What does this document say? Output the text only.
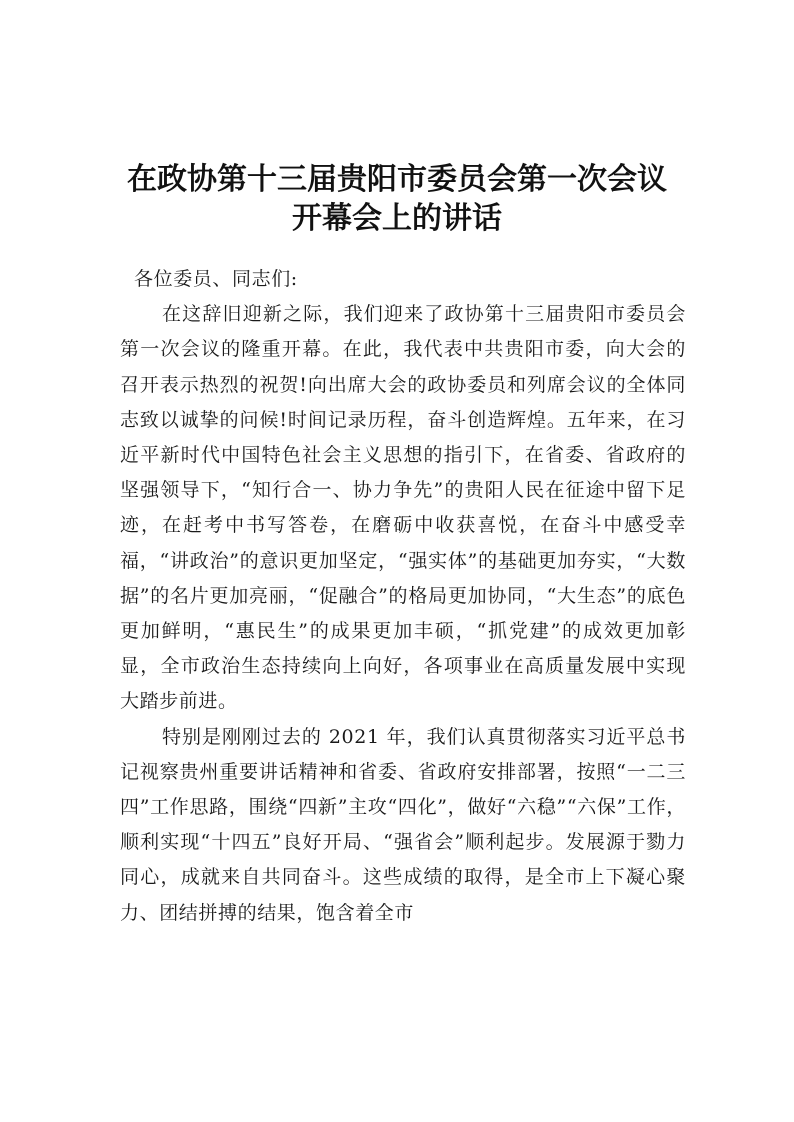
在政协第十三届贵阳市委员会第一次会议
开幕会上的讲话

各位委员、同志们:

在这辞旧迎新之际，我们迎来了政协第十三届贵阳市委员会第一次会议的隆重开幕。在此，我代表中共贵阳市委，向大会的召开表示热烈的祝贺!向出席大会的政协委员和列席会议的全体同志致以诚挚的问候!时间记录历程，奋斗创造辉煌。五年来，在习近平新时代中国特色社会主义思想的指引下，在省委、省政府的坚强领导下，“知行合一、协力争先”的贵阳人民在征途中留下足迹，在赶考中书写答卷，在磨砺中收获喜悦，在奋斗中感受幸福，“讲政治”的意识更加坚定，“强实体”的基础更加夯实，“大数据”的名片更加亮丽，“促融合”的格局更加协同，“大生态”的底色更加鲜明，“惠民生”的成果更加丰硕，“抓党建”的成效更加彰显，全市政治生态持续向上向好，各项事业在高质量发展中实现大踏步前进。

特别是刚刚过去的 2021 年，我们认真贯彻落实习近平总书记视察贵州重要讲话精神和省委、省政府安排部署，按照“一二三四”工作思路，围绕“四新”主攻“四化”，做好“六稳”“六保”工作，顺利实现“十四五”良好开局、“强省会”顺利起步。发展源于勠力同心，成就来自共同奋斗。这些成绩的取得，是全市上下凝心聚力、团结拼搏的结果，饱含着全市
